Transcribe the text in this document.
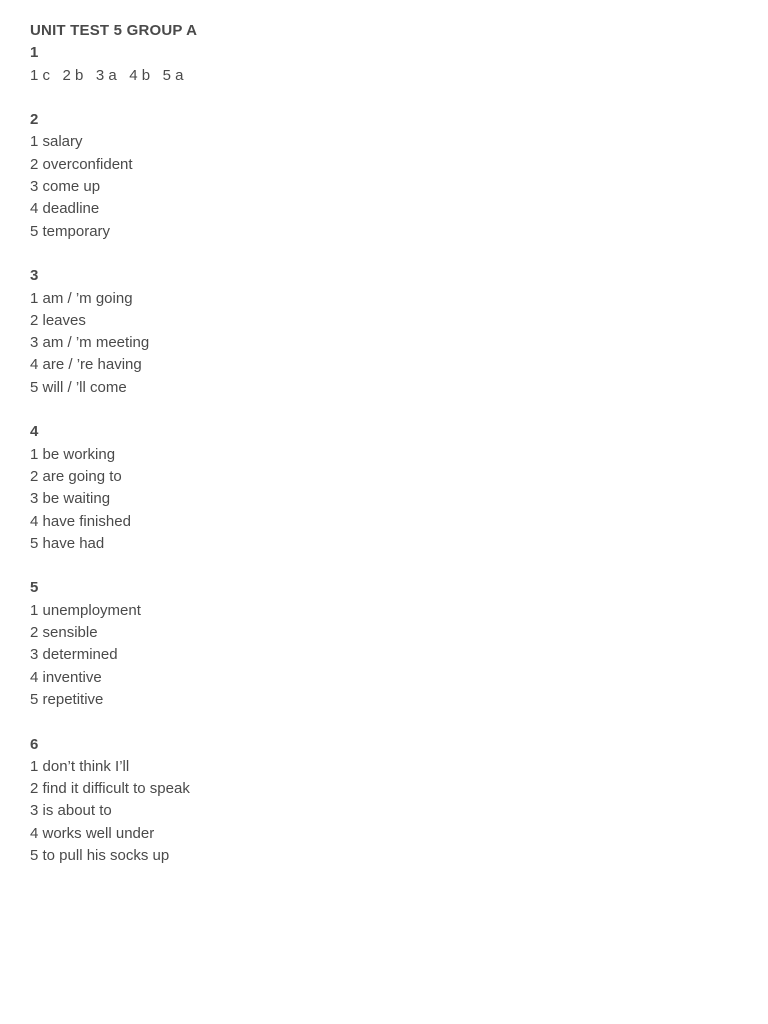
UNIT TEST 5 GROUP A
1
1 c   2 b   3 a   4 b   5 a
2
1 salary
2 overconfident
3 come up
4 deadline
5 temporary
3
1 am / ’m going
2 leaves
3 am / ’m meeting
4 are / ’re having
5 will / ’ll come
4
1 be working
2 are going to
3 be waiting
4 have finished
5 have had
5
1 unemployment
2 sensible
3 determined
4 inventive
5 repetitive
6
1 don’t think I’ll
2 find it difficult to speak
3 is about to
4 works well under
5 to pull his socks up
